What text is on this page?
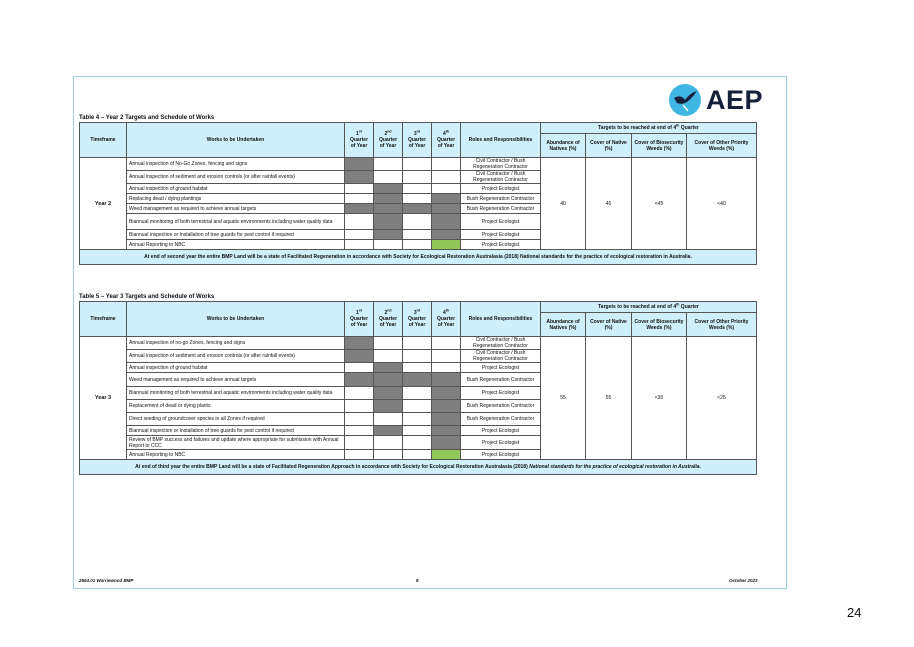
AEP
Table 4 – Year 2 Targets and Schedule of Works
Timeframe	Works to be Undertaken	1st Quarter of Year	2nd Quarter of Year	3rd Quarter of Year	4th Quarter of Year	Roles and Responsibilities	Targets to be reached at end of 4th Quarter			
							Abundance of Natives (%)	Cover of Native (%)	Cover of Biosecurity Weeds (%)	Cover of Other Priority Weeds (%)
Year 2	Annual inspection of No-Go Zones, fencing and signs					Civil Contractor / Bush Regeneration Contractor	40	45	<45	<40
	Annual inspection of sediment and erosion controls (or after rainfall events)					Civil Contractor / Bush Regeneration Contractor				
	Annual inspection of ground habitat					Project Ecologist				
	Replacing dead / dying plantings					Bush Regeneration Contractor				
	Weed management as required to achieve annual targets					Bush Regeneration Contractor				
	Biannual monitoring of both terrestrial and aquatic environments including water quality data					Project Ecologist				
	Biannual inspection or Installation of tree guards for pest control if required					Project Ecologist				
	Annual Reporting to NBC					Project Ecologist				
At end of second year the entire BMP Land will be a state of Facilitated Regeneration in accordance with Society for Ecological Restoration Australasia (2018) National standards for the practice of ecological restoration in Australia.										
Table 5 – Year 3 Targets and Schedule of Works
Timeframe	Works to be Undertaken	1st Quarter of Year	2nd Quarter of Year	3rd Quarter of Year	4th Quarter of Year	Roles and Responsibilities	Targets to be reached at end of 4th Quarter			
							Abundance of Natives (%)	Cover of Native (%)	Cover of Biosecurity Weeds (%)	Cover of Other Priority Weeds (%)
Year 3	Annual inspection of no-go Zones, fencing and signs					Civil Contractor / Bush Regeneration Contractor	55	55	<30	<25
	Annual inspection of sediment and erosion controls (or after rainfall events)					Civil Contractor / Bush Regeneration Contractor				
	Annual inspection of ground habitat					Project Ecologist				
	Weed management as required to achieve annual targets					Bush Regeneration Contractor				
	Biannual monitoring of both terrestrial and aquatic environments including water quality data					Project Ecologist				
	Replacement of dead or dying plants					Bush Regeneration Contractor				
	Direct seeding of groundcover species in all Zones if required					Bush Regeneration Contractor				
	Biannual inspection or Installation of tree guards for pest control if required					Project Ecologist				
	Review of BMP success and failures and update where appropriate for submission with Annual Report to CCC					Project Ecologist				
	Annual Reporting to NBC					Project Ecologist				
At end of third year the entire BMP Land will be a state of Facilitated Regeneration Approach in accordance with Society for Ecological Restoration Australasia (2018) National standards for the practice of ecological restoration in Australia.										
2564.01 Warriewood BMP	8	October 2023
24
